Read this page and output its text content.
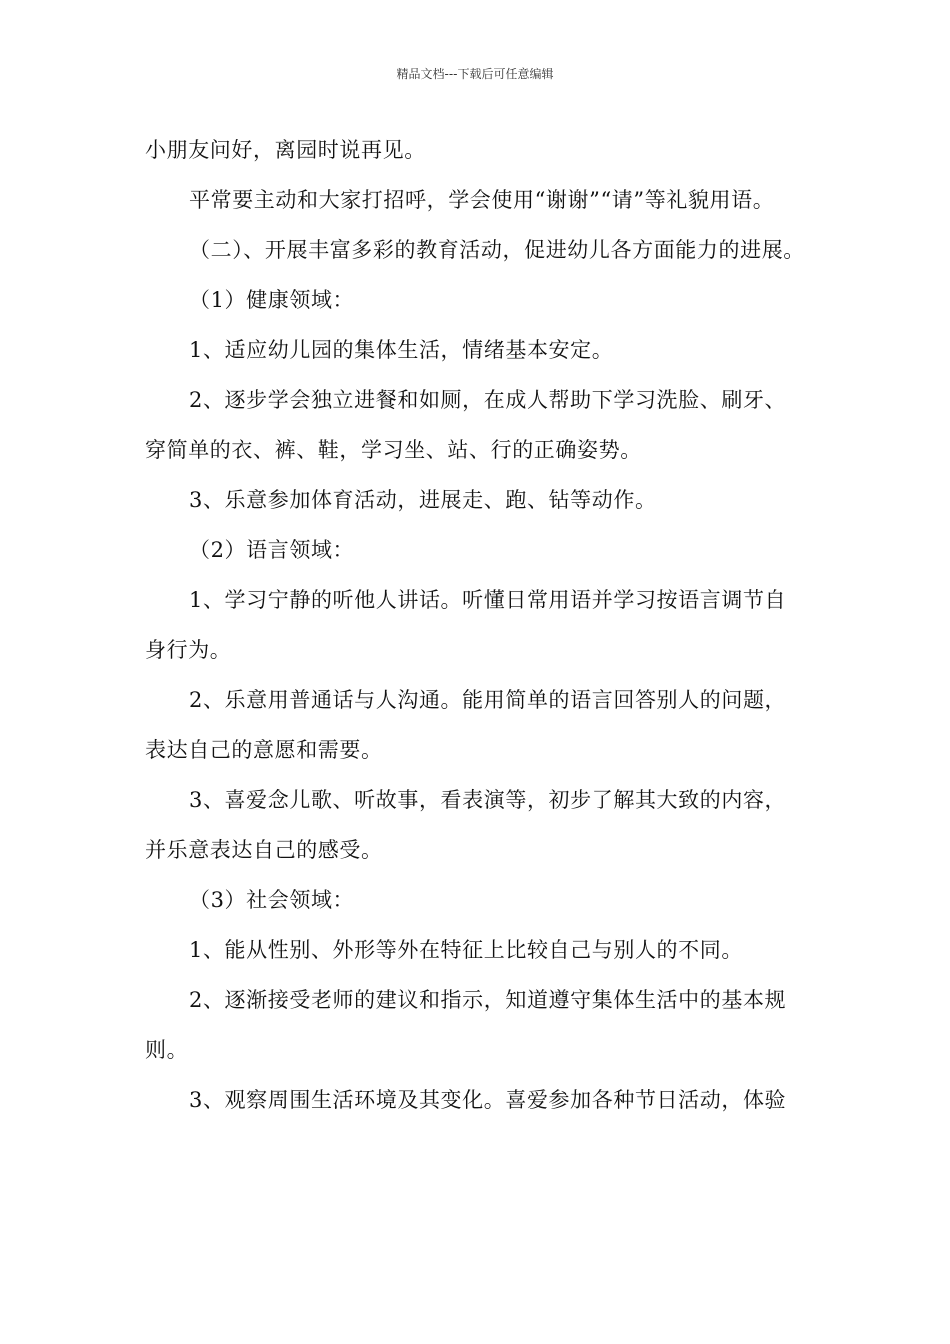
精品文档---下载后可任意编辑

小朋友问好，离园时说再见。

平常要主动和大家打招呼，学会使用“谢谢”“请”等礼貌用语。

（二）、开展丰富多彩的教育活动，促进幼儿各方面能力的进展。

（1）健康领域：

1、适应幼儿园的集体生活，情绪基本安定。

2、逐步学会独立进餐和如厕，在成人帮助下学习洗脸、刷牙、穿简单的衣、裤、鞋，学习坐、站、行的正确姿势。

3、乐意参加体育活动，进展走、跑、钻等动作。

（2）语言领域：

1、学习宁静的听他人讲话。听懂日常用语并学习按语言调节自身行为。

2、乐意用普通话与人沟通。能用简单的语言回答别人的问题，表达自己的意愿和需要。

3、喜爱念儿歌、听故事，看表演等，初步了解其大致的内容，并乐意表达自己的感受。

（3）社会领域：

1、能从性别、外形等外在特征上比较自己与别人的不同。

2、逐渐接受老师的建议和指示，知道遵守集体生活中的基本规则。

3、观察周围生活环境及其变化。喜爱参加各种节日活动，体验
